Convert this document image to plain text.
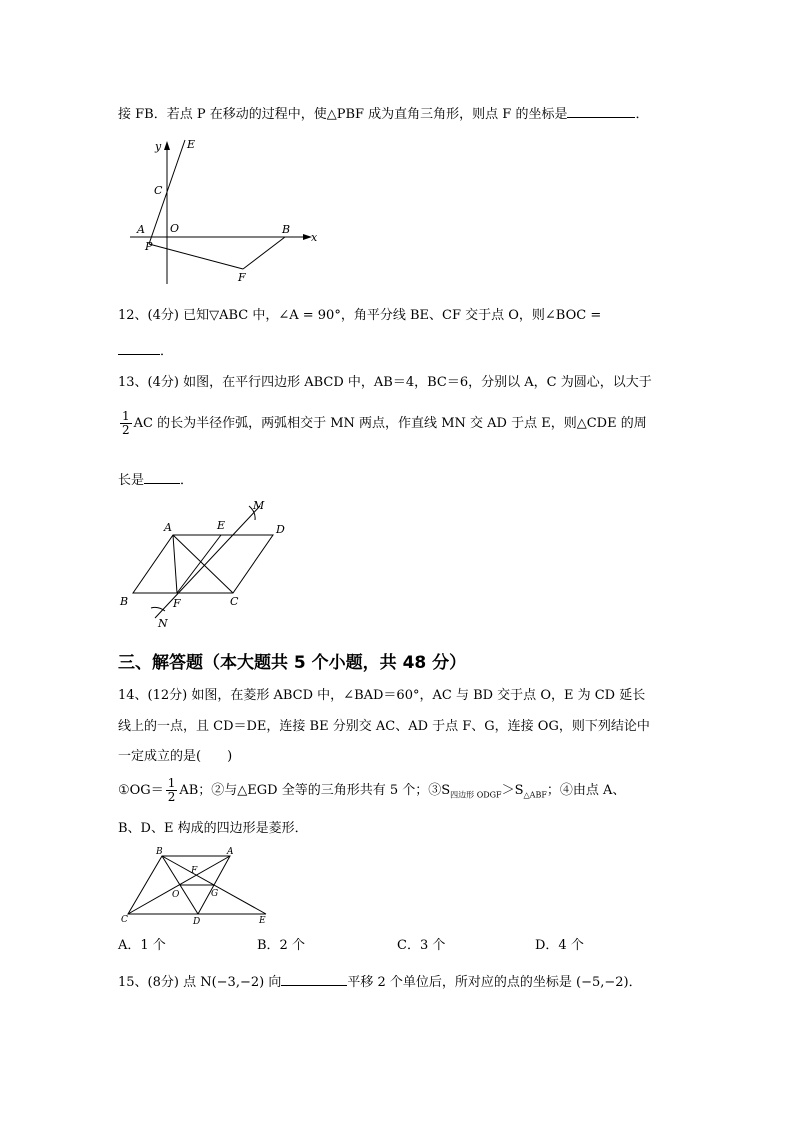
接 FB．若点 P 在移动的过程中，使△PBF 成为直角三角形，则点 F 的坐标是	．
y E
C
A O	B
x
P
F
12、(4分) 已知▽ABC 中，∠A = 90°，角平分线 BE、CF 交于点 O，则∠BOC =
．
13、(4分) 如图，在平行四边形 ABCD 中，AB＝4，BC＝6，分别以 A，C 为圆心，以大于
$\frac{1}{2}$ AC 的长为半径作弧，两弧相交于 MN 两点，作直线 MN 交 AD 于点 E，则△CDE 的周
长是	．
M
A	E	D
B	F	C
N
三、解答题（本大题共 5 个小题，共 48 分）
14、(12分) 如图，在菱形 ABCD 中，∠BAD＝60°，AC 与 BD 交于点 O，E 为 CD 延长
线上的一点，且 CD＝DE，连接 BE 分别交 AC、AD 于点 F、G，连接 OG，则下列结论中
一定成立的是(　　)
①OG＝ $\frac{1}{2}$ AB；②与△EGD 全等的三角形共有 5 个；$③S_{四边形 ODGF}>S_{\triangle ABF}$；④由点 A、
B、D、E 构成的四边形是菱形．
B	A
F
O	G
C	D	E
A．1 个	B．2 个	C．3 个	D．4 个
15、(8分) 点 N(−3,−2) 向	平移 2 个单位后，所对应的点的坐标是 (−5,−2)．
